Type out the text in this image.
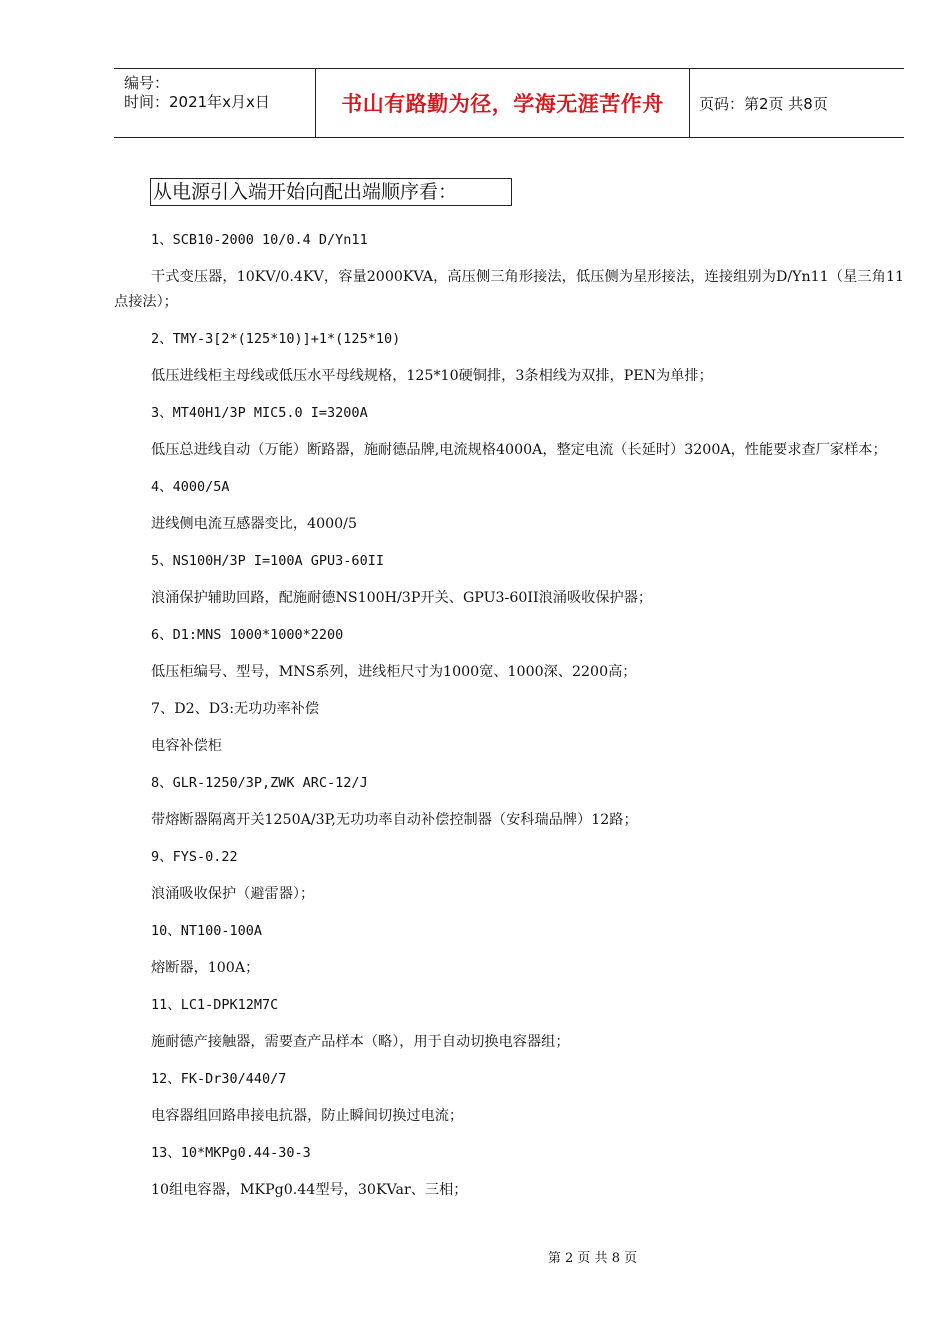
编号：
时间：2021年x月x日	书山有路勤为径，学海无涯苦作舟	页码：第2页 共8页
从电源引入端开始向配出端顺序看：

1、SCB10-2000 10/0.4 D/Yn11

干式变压器，10KV/0.4KV，容量2000KVA，高压侧三角形接法，低压侧为星形接法，连接组别为D/Yn11（星三角11点接法）；

2、TMY-3[2*(125*10)]+1*(125*10)

低压进线柜主母线或低压水平母线规格，125*10硬铜排，3条相线为双排，PEN为单排；

3、MT40H1/3P MIC5.0 I=3200A

低压总进线自动（万能）断路器，施耐德品牌,电流规格4000A，整定电流（长延时）3200A，性能要求查厂家样本；

4、4000/5A

进线侧电流互感器变比，4000/5

5、NS100H/3P I=100A GPU3-60II

浪涌保护辅助回路，配施耐德NS100H/3P开关、GPU3-60II浪涌吸收保护器；

6、D1:MNS 1000*1000*2200

低压柜编号、型号，MNS系列，进线柜尺寸为1000宽、1000深、2200高；

7、D2、D3:无功功率补偿

电容补偿柜

8、GLR-1250/3P,ZWK ARC-12/J

带熔断器隔离开关1250A/3P,无功功率自动补偿控制器（安科瑞品牌）12路；

9、FYS-0.22

浪涌吸收保护（避雷器）；

10、NT100-100A

熔断器，100A；

11、LC1-DPK12M7C

施耐德产接触器，需要查产品样本（略），用于自动切换电容器组；

12、FK-Dr30/440/7

电容器组回路串接电抗器，防止瞬间切换过电流；

13、10*MKPg0.44-30-3

10组电容器，MKPg0.44型号，30KVar、三相；

第 2 页 共 8 页
